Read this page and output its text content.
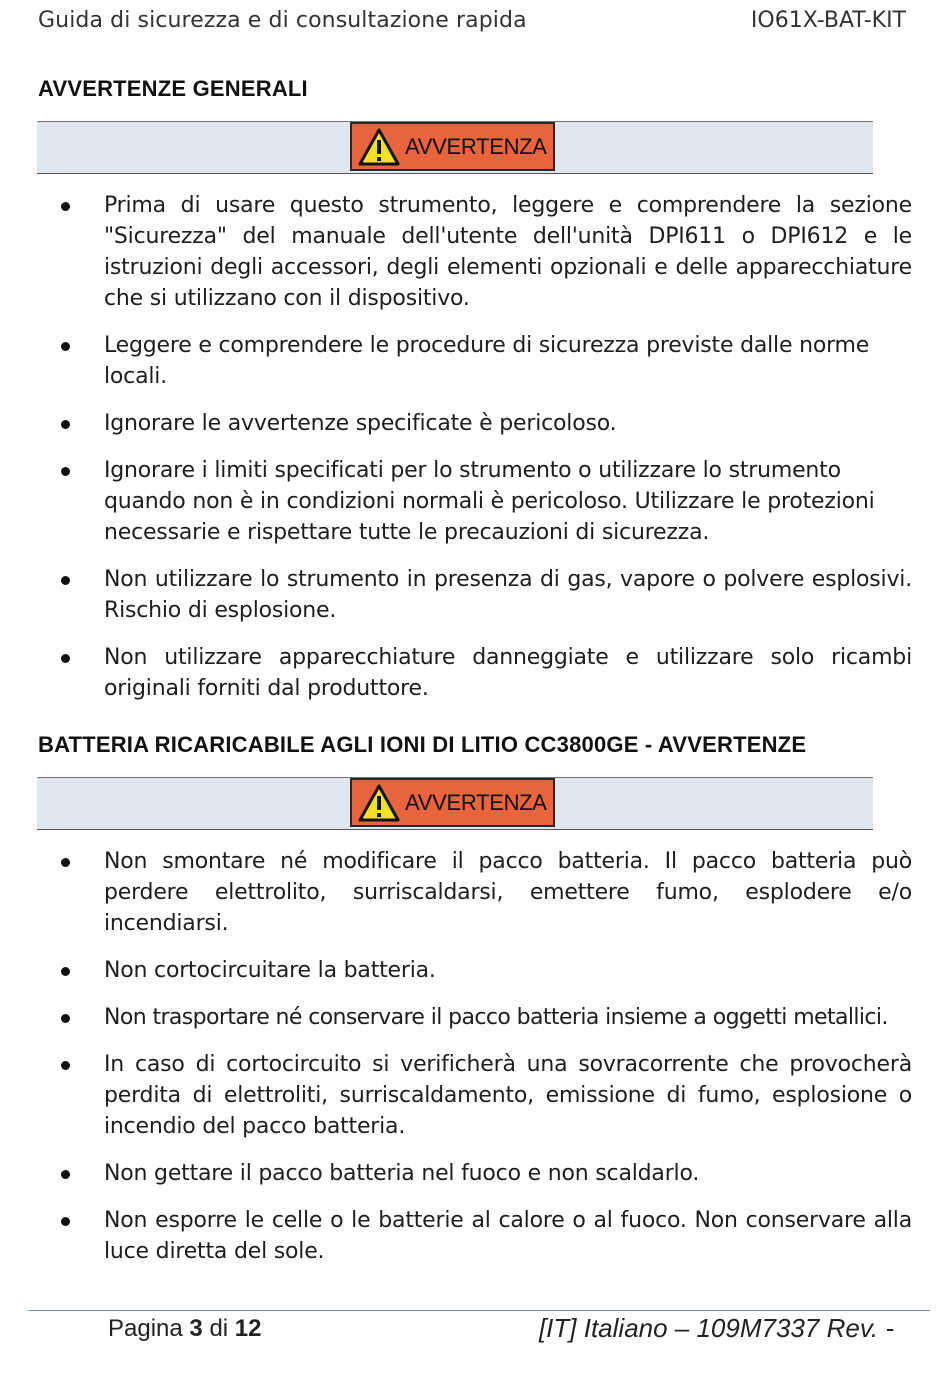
Guida di sicurezza e di consultazione rapida	IO61X-BAT-KIT
AVVERTENZE GENERALI
AVVERTENZA
Prima di usare questo strumento, leggere e comprendere la sezione "Sicurezza" del manuale dell'utente dell'unità DPI611 o DPI612 e le istruzioni degli accessori, degli elementi opzionali e delle apparecchiature che si utilizzano con il dispositivo.
Leggere e comprendere le procedure di sicurezza previste dalle norme locali.
Ignorare le avvertenze specificate è pericoloso.
Ignorare i limiti specificati per lo strumento o utilizzare lo strumento quando non è in condizioni normali è pericoloso. Utilizzare le protezioni necessarie e rispettare tutte le precauzioni di sicurezza.
Non utilizzare lo strumento in presenza di gas, vapore o polvere esplosivi. Rischio di esplosione.
Non utilizzare apparecchiature danneggiate e utilizzare solo ricambi originali forniti dal produttore.
BATTERIA RICARICABILE AGLI IONI DI LITIO CC3800GE - AVVERTENZE
AVVERTENZA
Non smontare né modificare il pacco batteria. Il pacco batteria può perdere elettrolito, surriscaldarsi, emettere fumo, esplodere e/o incendiarsi.
Non cortocircuitare la batteria.
Non trasportare né conservare il pacco batteria insieme a oggetti metallici.
In caso di cortocircuito si verificherà una sovracorrente che provocherà perdita di elettroliti, surriscaldamento, emissione di fumo, esplosione o incendio del pacco batteria.
Non gettare il pacco batteria nel fuoco e non scaldarlo.
Non esporre le celle o le batterie al calore o al fuoco. Non conservare alla luce diretta del sole.
Pagina 3 di 12	[IT] Italiano – 109M7337 Rev. -
